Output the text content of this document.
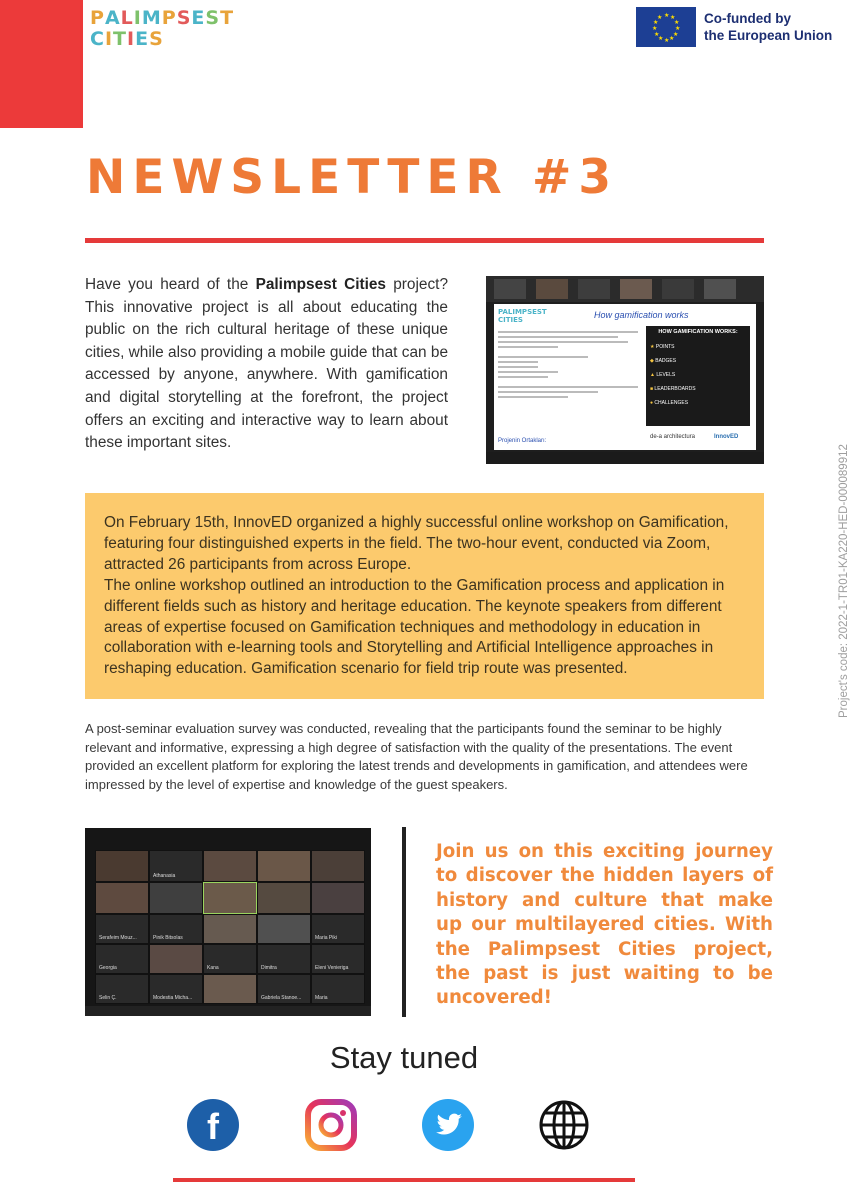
PALIMPSEST
CITIES
★ ★
★
★
★
★
★
★
★
★
★
★	Co-funded by
the European Union
NEWSLETTER #3
Have you heard of the Palimpsest Cities project? This innovative project is all about educating the public on the rich cultural heritage of these unique cities, while also providing a mobile guide that can be accessed by anyone, anywhere. With gamification and digital storytelling at the forefront, the project offers an exciting and interactive way to learn about these important sites.
PALIMPSEST
CITIES	How gamification works
HOW GAMIFICATION WORKS:
★ POINTS
◆ BADGES
▲ LEVELS
■ LEADERBOARDS
● CHALLENGES
Projenin Ortakları:
de-a architectura	InnovED

On February 15th, InnovED organized a highly successful online workshop on Gamification, featuring four distinguished experts in the field. The two-hour event, conducted via Zoom, attracted 26 participants from across Europe.

The online workshop outlined an introduction to the Gamification process and application in different fields such as history and heritage education. The keynote speakers from different areas of expertise focused on Gamification techniques and methodology in education in collaboration with e-learning tools and Storytelling and Artificial Intelligence approaches in reshaping education. Gamification scenario for field trip route was presented.

A post-seminar evaluation survey was conducted, revealing that the participants found the seminar to be highly relevant and informative, expressing a high degree of satisfaction with the quality of the presentations. The event provided an excellent platform for exploring the latest trends and developments in gamification, and attendees were impressed by the level of expertise and knowledge of the guest speakers.
Project's code: 2022-1-TR01-KA220-HED-000089912
Athanasia
Serafeim Mouz...	Pinik Bitsolas	Maria Piki
Georgia	Kana	Dimitra	Eleni Venieriga
Selin Ç.	Modestia Micha...	Gabriela Stanoe...	Maria
Join us on this exciting journey to discover the hidden layers of history and culture that make up our multilayered cities. With the Palimpsest Cities project, the past is just waiting to be uncovered!
Stay tuned
f
